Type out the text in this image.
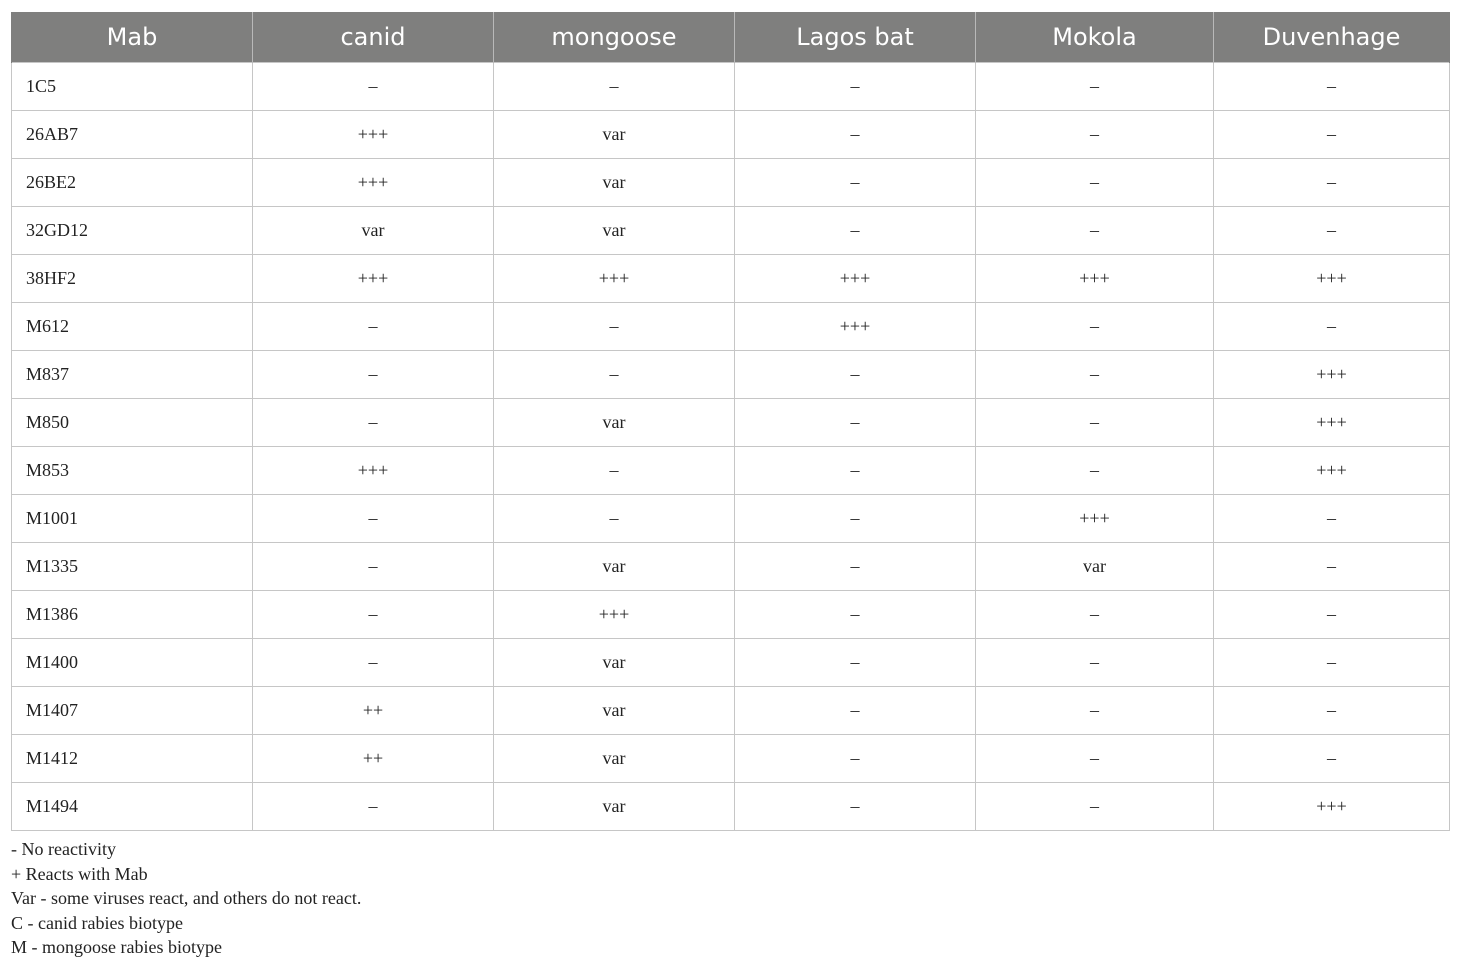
Mab	canid	mongoose	Lagos bat	Mokola	Duvenhage
1C5	–	–	–	–	–
26AB7	+++	var	–	–	–
26BE2	+++	var	–	–	–
32GD12	var	var	–	–	–
38HF2	+++	+++	+++	+++	+++
M612	–	–	+++	–	–
M837	–	–	–	–	+++
M850	–	var	–	–	+++
M853	+++	–	–	–	+++
M1001	–	–	–	+++	–
M1335	–	var	–	var	–
M1386	–	+++	–	–	–
M1400	–	var	–	–	–
M1407	++	var	–	–	–
M1412	++	var	–	–	–
M1494	–	var	–	–	+++
- No reactivity
+ Reacts with Mab
Var - some viruses react, and others do not react.
C - canid rabies biotype
M - mongoose rabies biotype
